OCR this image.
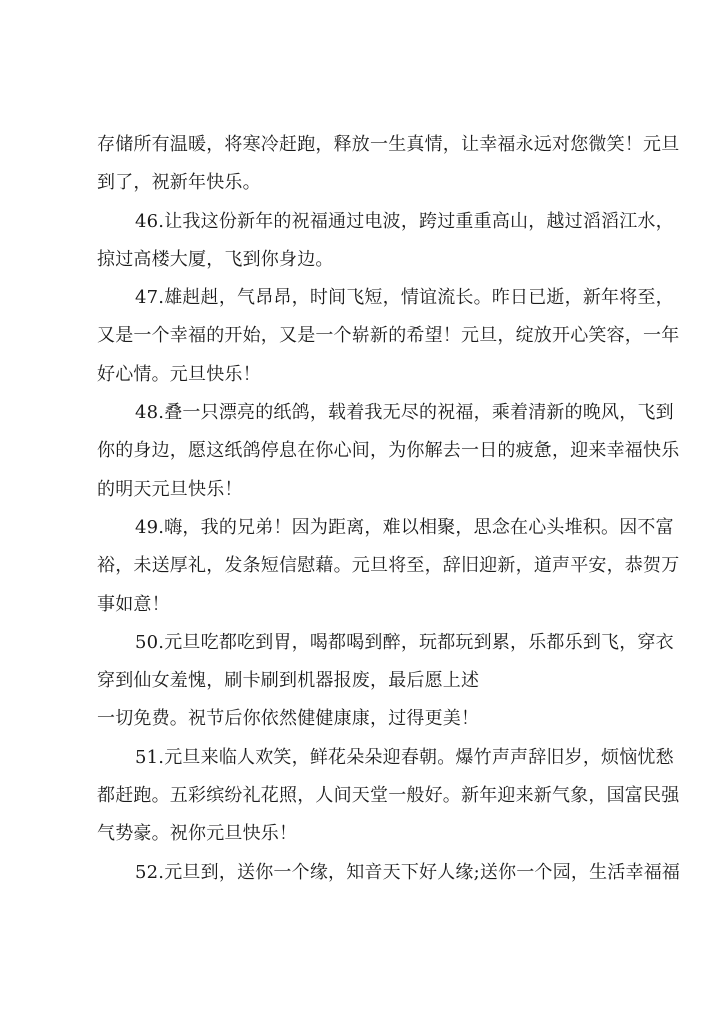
存储所有温暖，将寒冷赶跑，释放一生真情，让幸福永远对您微笑！元旦
到了，祝新年快乐。
46.让我这份新年的祝福通过电波，跨过重重高山，越过滔滔江水，
掠过高楼大厦，飞到你身边。
47.雄赳赳，气昂昂，时间飞短，情谊流长。昨日已逝，新年将至，
又是一个幸福的开始，又是一个崭新的希望！元旦，绽放开心笑容，一年
好心情。元旦快乐！
48.叠一只漂亮的纸鸽，载着我无尽的祝福，乘着清新的晚风，飞到
你的身边，愿这纸鸽停息在你心间，为你解去一日的疲惫，迎来幸福快乐
的明天元旦快乐！
49.嗨，我的兄弟！因为距离，难以相聚，思念在心头堆积。因不富
裕，未送厚礼，发条短信慰藉。元旦将至，辞旧迎新，道声平安，恭贺万
事如意！
50.元旦吃都吃到胃，喝都喝到醉，玩都玩到累，乐都乐到飞，穿衣
穿到仙女羞愧，刷卡刷到机器报废，最后愿上述
一切免费。祝节后你依然健健康康，过得更美！
51.元旦来临人欢笑，鲜花朵朵迎春朝。爆竹声声辞旧岁，烦恼忧愁
都赶跑。五彩缤纷礼花照，人间天堂一般好。新年迎来新气象，国富民强
气势豪。祝你元旦快乐！
52.元旦到，送你一个缘，知音天下好人缘;送你一个园，生活幸福福
